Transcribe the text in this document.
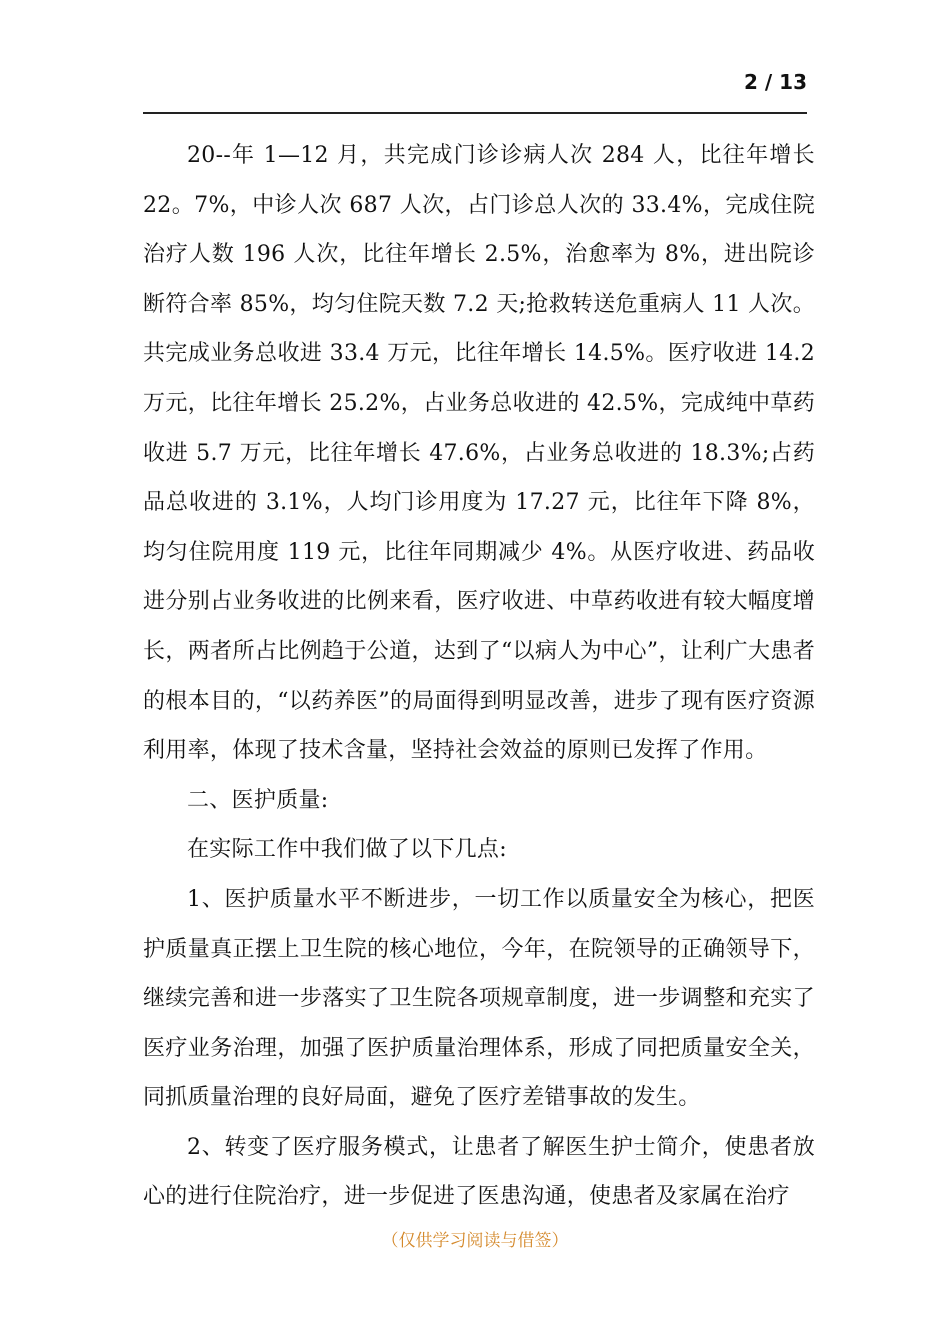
2 / 13

20--年 1—12 月，共完成门诊诊病人次 284 人，比往年增长 22。7%，中诊人次 687 人次，占门诊总人次的 33.4%，完成住院治疗人数 196 人次，比往年增长 2.5%，治愈率为 8%，进出院诊断符合率 85%，均匀住院天数 7.2 天;抢救转送危重病人 11 人次。共完成业务总收进 33.4 万元，比往年增长 14.5%。医疗收进 14.2 万元，比往年增长 25.2%，占业务总收进的 42.5%，完成纯中草药收进 5.7 万元，比往年增长 47.6%，占业务总收进的 18.3%;占药品总收进的 3.1%，人均门诊用度为 17.27 元，比往年下降 8%，均匀住院用度 119 元，比往年同期减少 4%。从医疗收进、药品收进分别占业务收进的比例来看，医疗收进、中草药收进有较大幅度增长，两者所占比例趋于公道，达到了“以病人为中心”，让利广大患者的根本目的，“以药养医”的局面得到明显改善，进步了现有医疗资源利用率，体现了技术含量，坚持社会效益的原则已发挥了作用。

二、医护质量:

在实际工作中我们做了以下几点:

1、医护质量水平不断进步，一切工作以质量安全为核心，把医护质量真正摆上卫生院的核心地位，今年，在院领导的正确领导下，继续完善和进一步落实了卫生院各项规章制度，进一步调整和充实了医疗业务治理，加强了医护质量治理体系，形成了同把质量安全关，同抓质量治理的良好局面，避免了医疗差错事故的发生。

2、转变了医疗服务模式，让患者了解医生护士简介，使患者放心的进行住院治疗，进一步促进了医患沟通，使患者及家属在治疗

（仅供学习阅读与借签）
